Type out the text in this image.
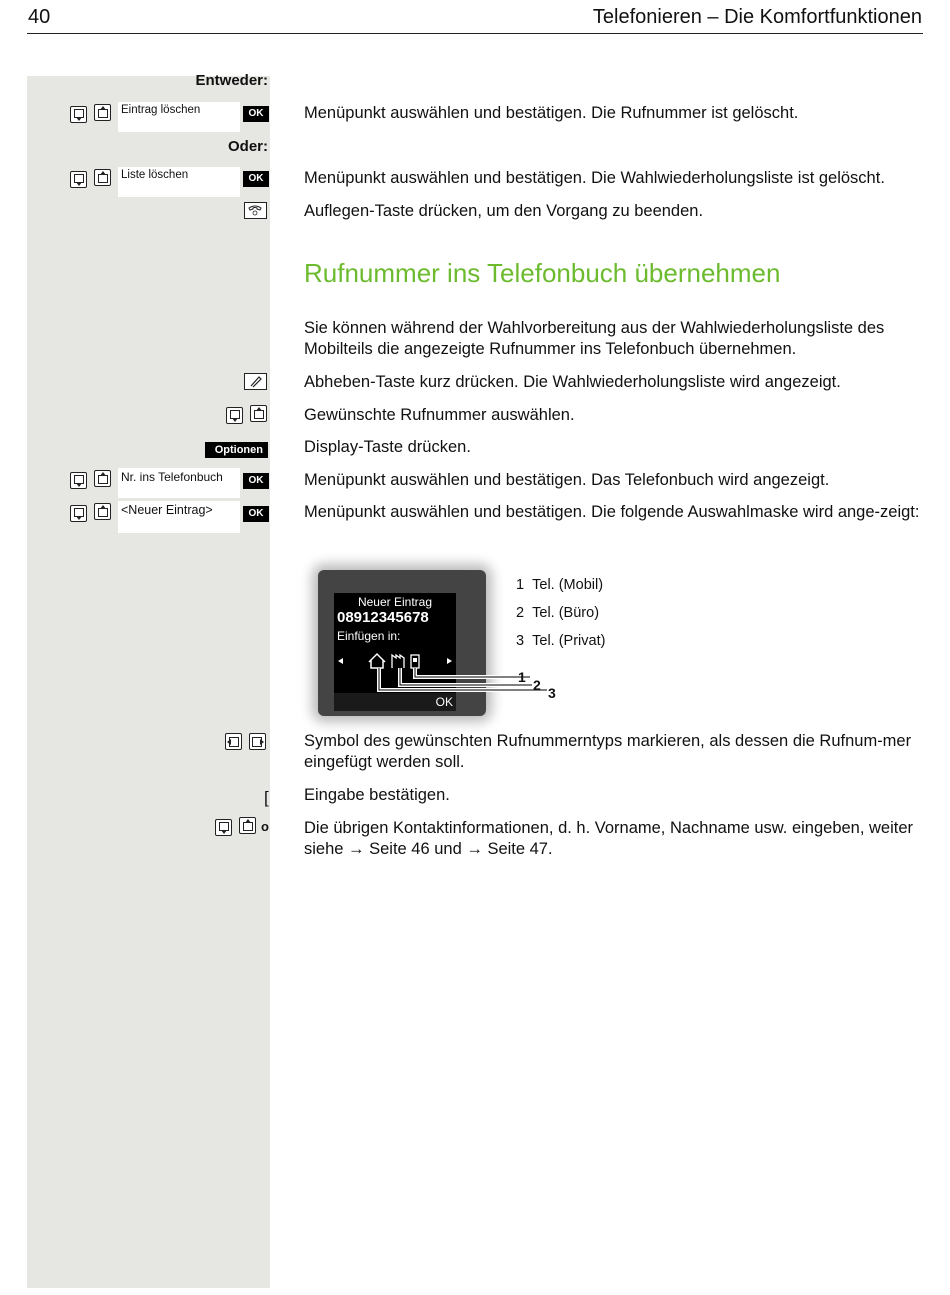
40	Telefonieren – Die Komfortfunktionen
Entweder:
Eintrag löschen	OK	Menüpunkt auswählen und bestätigen. Die Rufnummer ist gelöscht.
Oder:
Liste löschen	OK	Menüpunkt auswählen und bestätigen. Die Wahlwiederholungsliste ist gelöscht.
Auflegen-Taste drücken, um den Vorgang zu beenden.
Rufnummer ins Telefonbuch übernehmen
Sie können während der Wahlvorbereitung aus der Wahlwiederholungsliste des Mobilteils die angezeigte Rufnummer ins Telefonbuch übernehmen.
Abheben-Taste kurz drücken. Die Wahlwiederholungsliste wird angezeigt.
Gewünschte Rufnummer auswählen.
Optionen	Display-Taste drücken.
Nr. ins Telefonbuch	OK	Menüpunkt auswählen und bestätigen. Das Telefonbuch wird angezeigt.
<Neuer Eintrag>	OK	Menüpunkt auswählen und bestätigen. Die folgende Auswahlmaske wird ange-zeigt:
Neuer Eintrag
08912345678
Einfügen in:
OK
1 2 3
1 Tel. (Mobil)
2 Tel. (Büro)
3 Tel. (Privat)
Symbol des gewünschten Rufnummerntyps markieren, als dessen die Rufnum-mer eingefügt werden soll.
[ Eingabe bestätigen.
o Die übrigen Kontaktinformationen, d. h. Vorname, Nachname usw. eingeben, weiter siehe → Seite 46 und → Seite 47.
